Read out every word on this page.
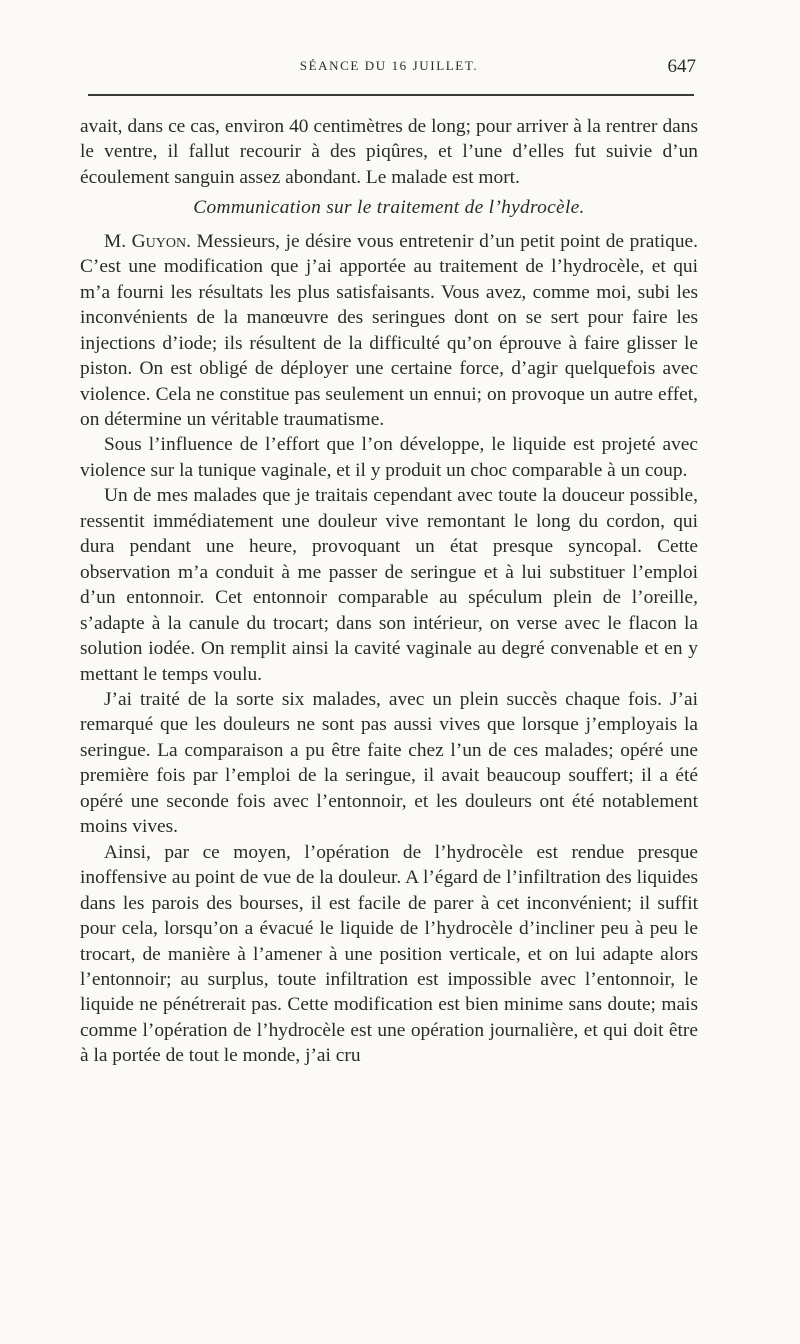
SÉANCE DU 16 JUILLET.	647

avait, dans ce cas, environ 40 centimètres de long; pour arriver à la rentrer dans le ventre, il fallut recourir à des piqûres, et l’une d’elles fut suivie d’un écoulement sanguin assez abondant. Le malade est mort.

Communication sur le traitement de l’hydrocèle.

M. Guyon. Messieurs, je désire vous entretenir d’un petit point de pratique. C’est une modification que j’ai apportée au traitement de l’hydrocèle, et qui m’a fourni les résultats les plus satisfaisants. Vous avez, comme moi, subi les inconvénients de la manœuvre des seringues dont on se sert pour faire les injections d’iode; ils résultent de la difficulté qu’on éprouve à faire glisser le piston. On est obligé de déployer une certaine force, d’agir quelquefois avec violence. Cela ne constitue pas seulement un ennui; on provoque un autre effet, on détermine un véritable traumatisme.

Sous l’influence de l’effort que l’on développe, le liquide est projeté avec violence sur la tunique vaginale, et il y produit un choc comparable à un coup.

Un de mes malades que je traitais cependant avec toute la douceur possible, ressentit immédiatement une douleur vive remontant le long du cordon, qui dura pendant une heure, provoquant un état presque syncopal. Cette observation m’a conduit à me passer de seringue et à lui substituer l’emploi d’un entonnoir. Cet entonnoir comparable au spéculum plein de l’oreille, s’adapte à la canule du trocart; dans son intérieur, on verse avec le flacon la solution iodée. On remplit ainsi la cavité vaginale au degré convenable et en y mettant le temps voulu.

J’ai traité de la sorte six malades, avec un plein succès chaque fois. J’ai remarqué que les douleurs ne sont pas aussi vives que lorsque j’employais la seringue. La comparaison a pu être faite chez l’un de ces malades; opéré une première fois par l’emploi de la seringue, il avait beaucoup souffert; il a été opéré une seconde fois avec l’entonnoir, et les douleurs ont été notablement moins vives.

Ainsi, par ce moyen, l’opération de l’hydrocèle est rendue presque inoffensive au point de vue de la douleur. A l’égard de l’infiltration des liquides dans les parois des bourses, il est facile de parer à cet inconvénient; il suffit pour cela, lorsqu’on a évacué le liquide de l’hydrocèle d’incliner peu à peu le trocart, de manière à l’amener à une position verticale, et on lui adapte alors l’entonnoir; au surplus, toute infiltration est impossible avec l’entonnoir, le liquide ne pénétrerait pas. Cette modification est bien minime sans doute; mais comme l’opération de l’hydrocèle est une opération journalière, et qui doit être à la portée de tout le monde, j’ai cru
